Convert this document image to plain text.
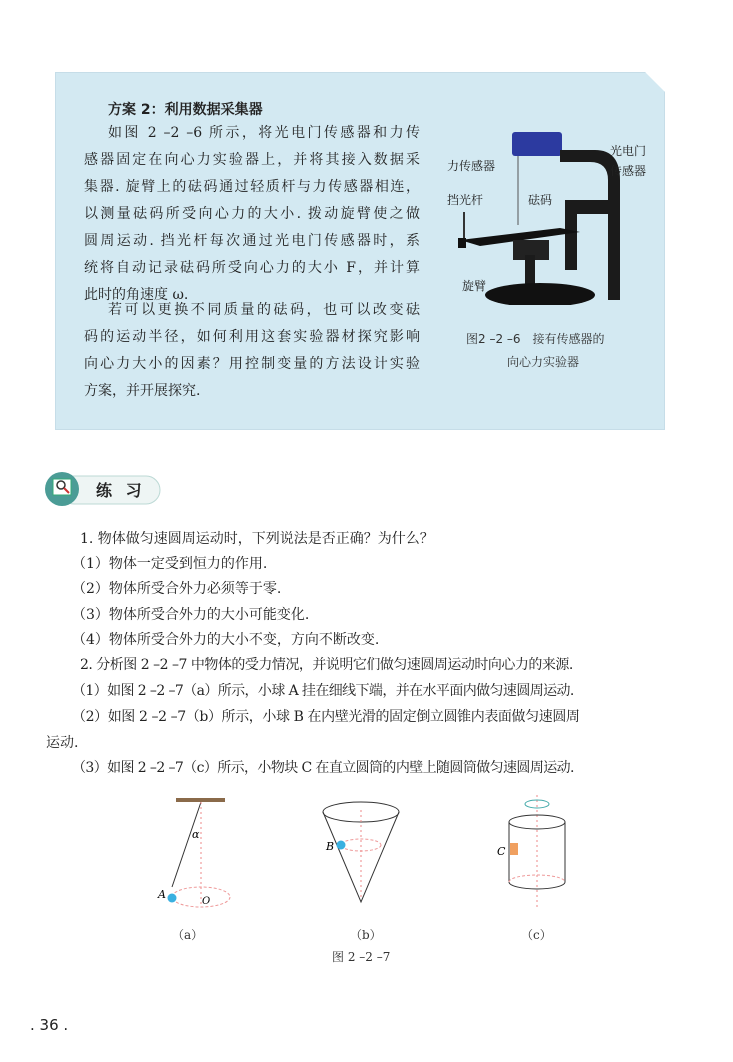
方案 2：利用数据采集器
如图 2 –2 –6 所示，将光电门传感器和力传
感器固定在向心力实验器上，并将其接入数据采
集器. 旋臂上的砝码通过轻质杆与力传感器相连，
以测量砝码所受向心力的大小. 拨动旋臂使之做
圆周运动. 挡光杆每次通过光电门传感器时，系
统将自动记录砝码所受向心力的大小 F，并计算
此时的角速度 ω.
若可以更换不同质量的砝码，也可以改变砝
码的运动半径，如何利用这套实验器材探究影响
向心力大小的因素？用控制变量的方法设计实验
方案，并开展探究.
力传感器
光电门
传感器
挡光杆	砝码
旋臂
图2 –2 –6　接有传感器的
向心力实验器
练 习
1. 物体做匀速圆周运动时，下列说法是否正确？为什么？
（1）物体一定受到恒力的作用.
（2）物体所受合外力必须等于零.
（3）物体所受合外力的大小可能变化.
（4）物体所受合外力的大小不变，方向不断改变.
2. 分析图 2 –2 –7 中物体的受力情况，并说明它们做匀速圆周运动时向心力的来源.
（1）如图 2 –2 –7（a）所示，小球 A 挂在细线下端，并在水平面内做匀速圆周运动.
（2）如图 2 –2 –7（b）所示，小球 B 在内壁光滑的固定倒立圆锥内表面做匀速圆周
运动.
（3）如图 2 –2 –7（c）所示，小物块 C 在直立圆筒的内壁上随圆筒做匀速圆周运动.
α
A
O
B	C
（a）	（b）	（c）
图 2 –2 –7
. 36 .
